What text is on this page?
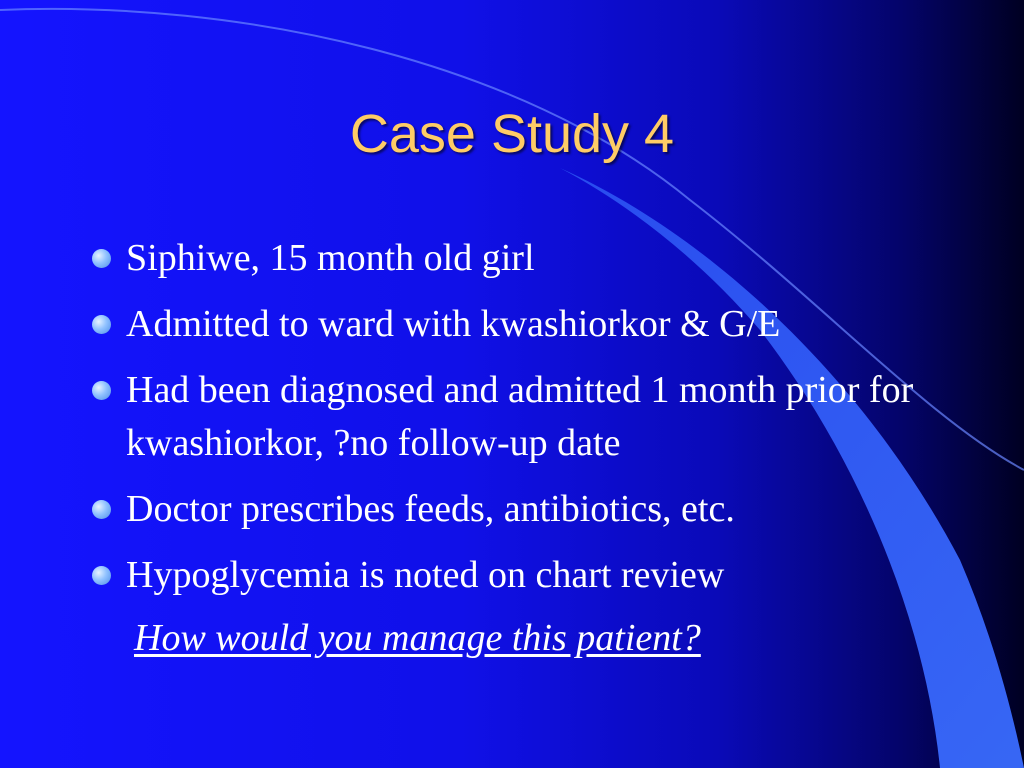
Case Study 4
Siphiwe, 15 month old girl
Admitted to ward with kwashiorkor & G/E
Had been diagnosed and admitted 1 month prior for  kwashiorkor, ?no follow-up date
Doctor prescribes feeds, antibiotics, etc.
Hypoglycemia is noted on chart review
How would you manage this patient?
